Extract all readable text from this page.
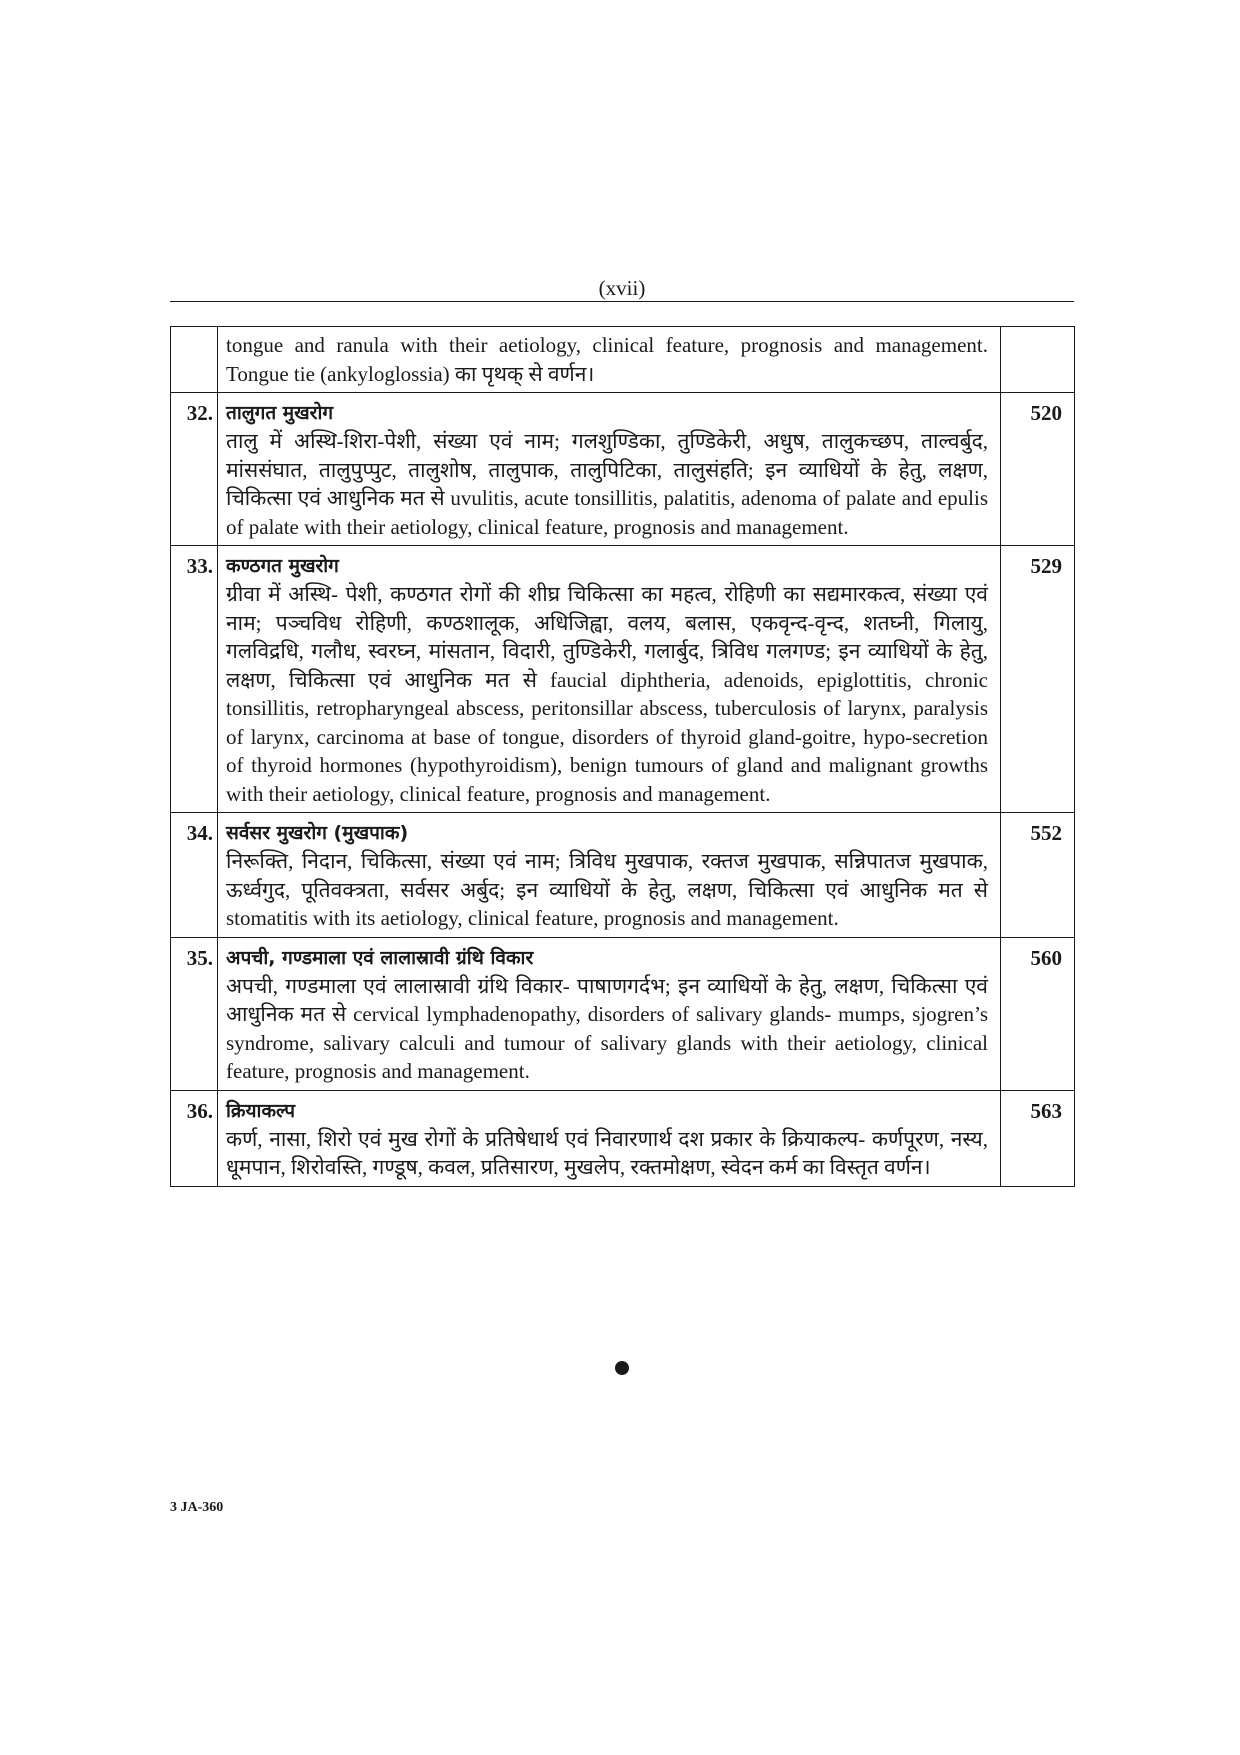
(xvii)
	tongue and ranula with their aetiology, clinical feature, prognosis and management. Tongue tie (ankyloglossia) का पृथक् से वर्णन।	
32.	तालुगत मुखरोग
तालु में अस्थि-शिरा-पेशी, संख्या एवं नाम; गलशुण्डिका, तुण्डिकेरी, अधुष, तालुकच्छप, ताल्वर्बुद, मांससंघात, तालुपुप्पुट, तालुशोष, तालुपाक, तालुपिटिका, तालुसंहति; इन व्याधियों के हेतु, लक्षण, चिकित्सा एवं आधुनिक मत से uvulitis, acute tonsillitis, palatitis, adenoma of palate and epulis of palate with their aetiology, clinical feature, prognosis and management.	520
33.	कण्ठगत मुखरोग
ग्रीवा में अस्थि- पेशी, कण्ठगत रोगों की शीघ्र चिकित्सा का महत्व, रोहिणी का सद्यमारकत्व, संख्या एवं नाम; पञ्चविध रोहिणी, कण्ठशालूक, अधिजिह्वा, वलय, बलास, एकवृन्द-वृन्द, शतघ्नी, गिलायु, गलविद्रधि, गलौध, स्वरघ्न, मांसतान, विदारी, तुण्डिकेरी, गलार्बुद, त्रिविध गलगण्ड; इन व्याधियों के हेतु, लक्षण, चिकित्सा एवं आधुनिक मत से faucial diphtheria, adenoids, epiglottitis, chronic tonsillitis, retropharyngeal abscess, peritonsillar abscess, tuberculosis of larynx, paralysis of larynx, carcinoma at base of tongue, disorders of thyroid gland-goitre, hypo-secretion of thyroid hormones (hypothyroidism), benign tumours of gland and malignant growths with their aetiology, clinical feature, prognosis and management.	529
34.	सर्वसर मुखरोग (मुखपाक)
निरूक्ति, निदान, चिकित्सा, संख्या एवं नाम; त्रिविध मुखपाक, रक्तज मुखपाक, सन्निपातज मुखपाक, ऊर्ध्वगुद, पूतिवक्त्रता, सर्वसर अर्बुद; इन व्याधियों के हेतु, लक्षण, चिकित्सा एवं आधुनिक मत से stomatitis with its aetiology, clinical feature, prognosis and management.	552
35.	अपची, गण्डमाला एवं लालास्रावी ग्रंथि विकार
अपची, गण्डमाला एवं लालास्रावी ग्रंथि विकार- पाषाणगर्दभ; इन व्याधियों के हेतु, लक्षण, चिकित्सा एवं आधुनिक मत से cervical lymphadenopathy, disorders of salivary glands- mumps, sjogren’s syndrome, salivary calculi and tumour of salivary glands with their aetiology, clinical feature, prognosis and management.	560
36.	क्रियाकल्प
कर्ण, नासा, शिरो एवं मुख रोगों के प्रतिषेधार्थ एवं निवारणार्थ दश प्रकार के क्रियाकल्प- कर्णपूरण, नस्य, धूमपान, शिरोवस्ति, गण्डूष, कवल, प्रतिसारण, मुखलेप, रक्तमोक्षण, स्वेदन कर्म का विस्तृत वर्णन।	563
3 JA-360
